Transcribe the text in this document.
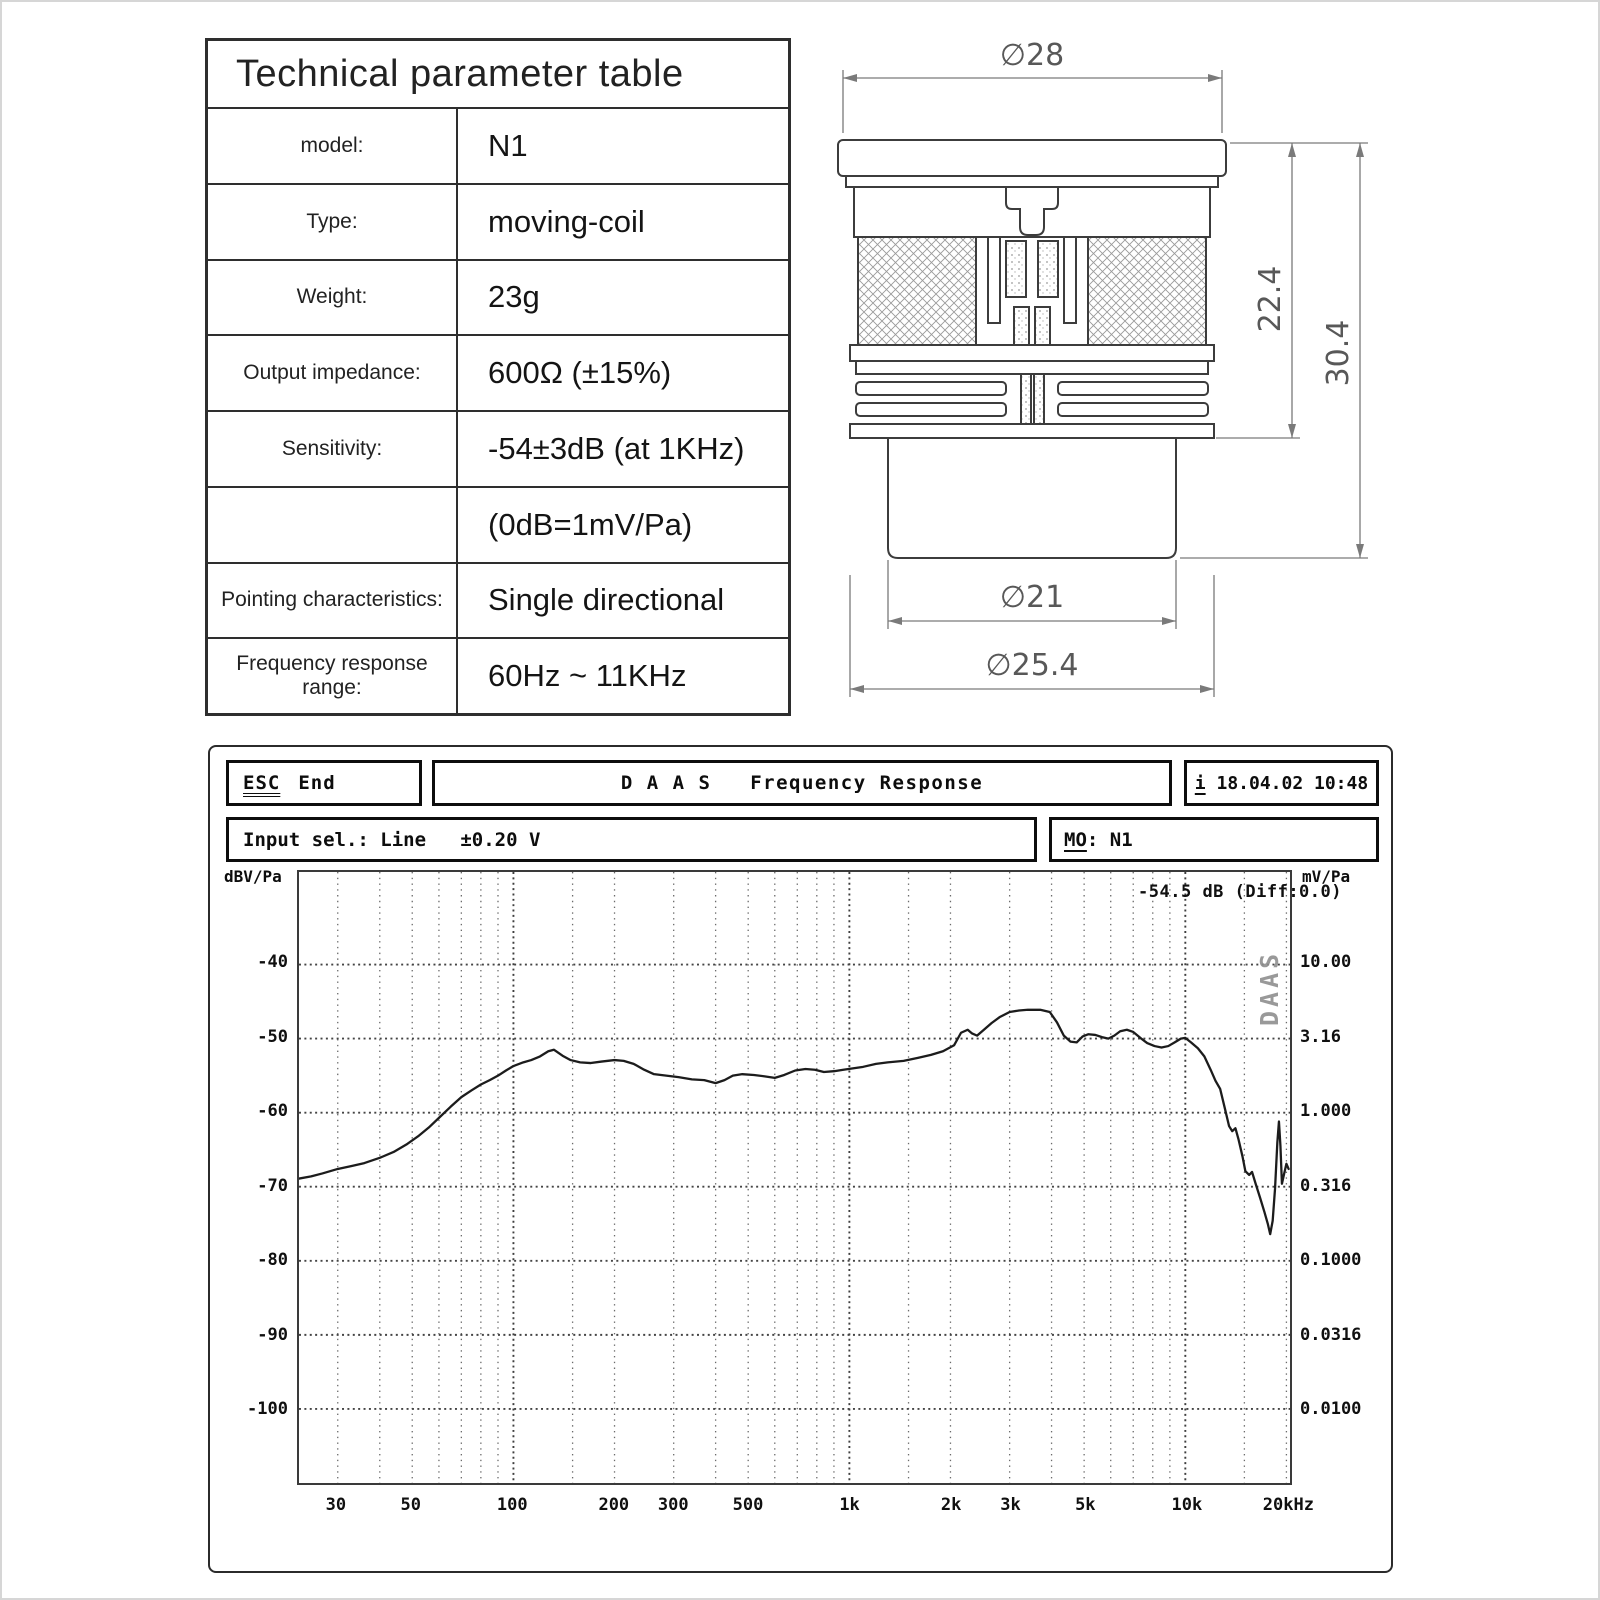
Technical parameter table
model:	N1
Type:	moving-coil
Weight:	23g
Output impedance:	600Ω (±15%)
Sensitivity:	-54±3dB (at 1KHz)
(0dB=1mV/Pa)
Pointing characteristics:	Single directional
Frequency response range:	60Hz ~ 11KHz
∅28
22.4
30.4
∅21
∅25.4
ESC End	D A A S   Frequency Response	i 18.04.02 10:48
Input sel.: Line   ±0.20 V	MO : N1
dBV/Pa	mV/Pa
-54.5 dB (Diff:0.0)
DAAS
-40
-50
-60
-70
-80
-90
-100
10.00
3.16
1.000
0.316
0.1000
0.0316
0.0100
30	50	100	200	300	500	1k	2k	3k	5k	10k	20kHz
